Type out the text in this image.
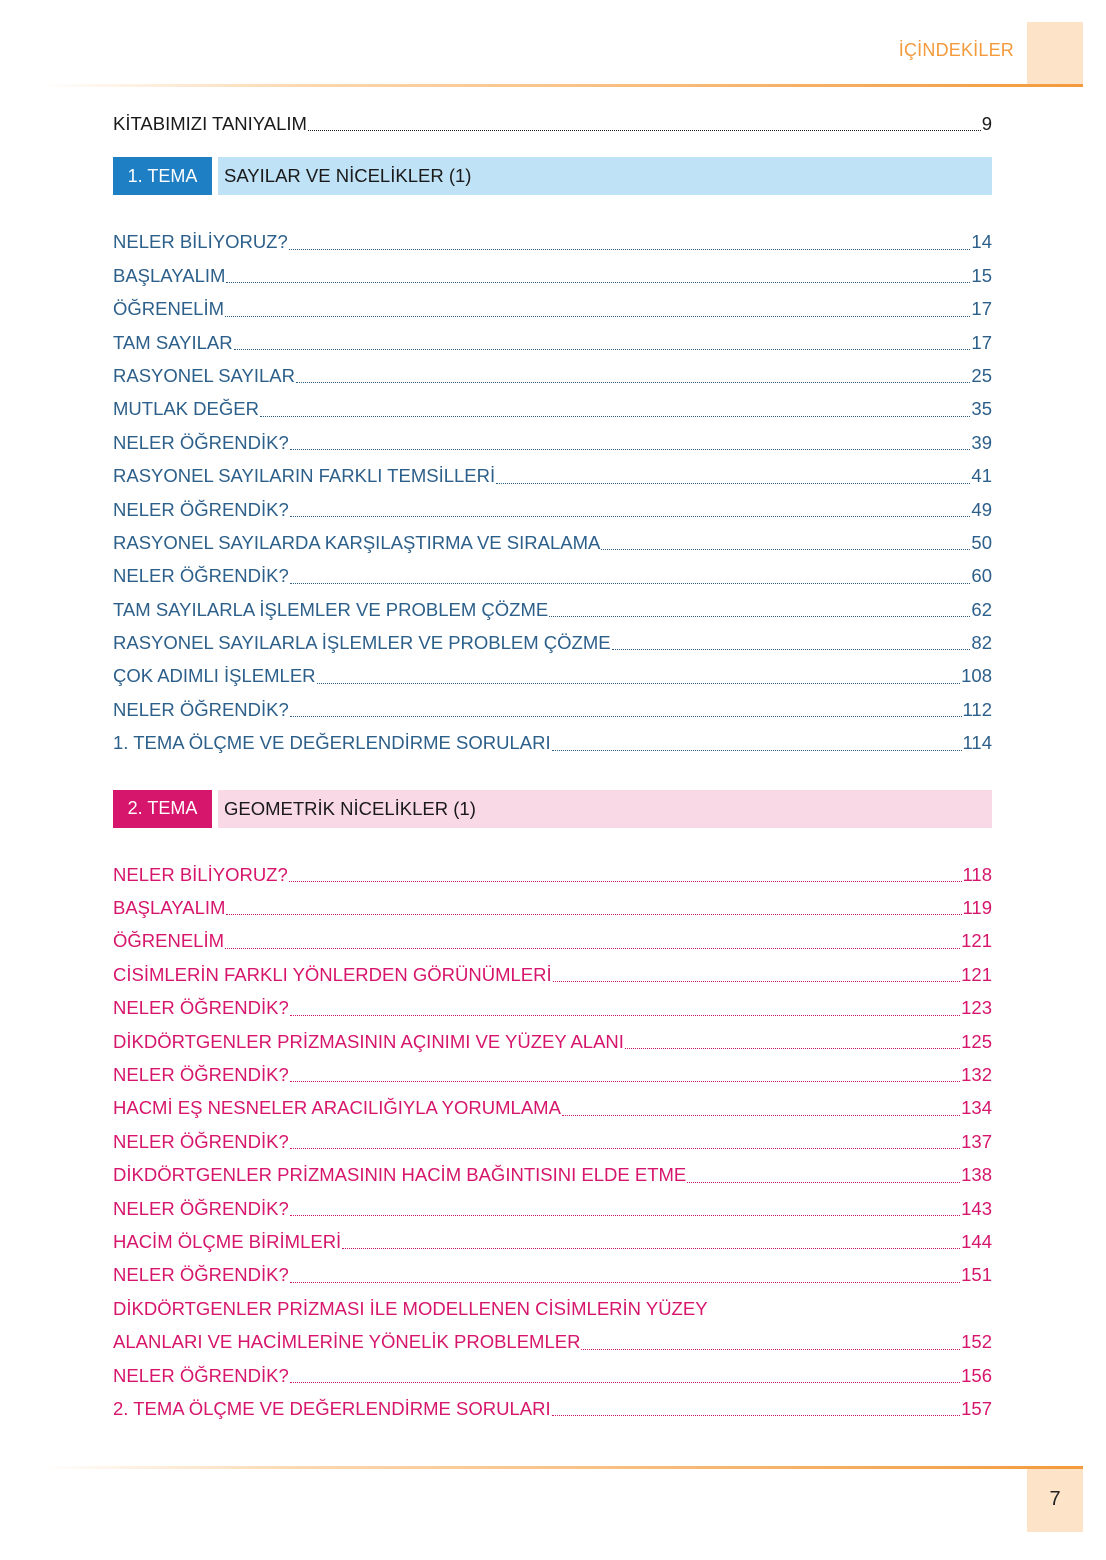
İÇİNDEKİLER
KİTABIMIZI TANIYALIM	9
1. TEMA	SAYILAR VE NİCELİKLER (1)
NELER BİLİYORUZ?	14
BAŞLAYALIM	15
ÖĞRENELİM	17
TAM SAYILAR	17
RASYONEL SAYILAR	25
MUTLAK DEĞER	35
NELER ÖĞRENDİK?	39
RASYONEL SAYILARIN FARKLI TEMSİLLERİ	41
NELER ÖĞRENDİK?	49
RASYONEL SAYILARDA KARŞILAŞTIRMA VE SIRALAMA	50
NELER ÖĞRENDİK?	60
TAM SAYILARLA İŞLEMLER VE PROBLEM ÇÖZME	62
RASYONEL SAYILARLA İŞLEMLER VE PROBLEM ÇÖZME	82
ÇOK ADIMLI İŞLEMLER	108
NELER ÖĞRENDİK?	112
1. TEMA ÖLÇME VE DEĞERLENDİRME SORULARI	114
2. TEMA	GEOMETRİK NİCELİKLER (1)
NELER BİLİYORUZ?	118
BAŞLAYALIM	119
ÖĞRENELİM	121
CİSİMLERİN FARKLI YÖNLERDEN GÖRÜNÜMLERİ	121
NELER ÖĞRENDİK?	123
DİKDÖRTGENLER PRİZMASININ AÇINIMI VE YÜZEY ALANI	125
NELER ÖĞRENDİK?	132
HACMİ EŞ NESNELER ARACILIĞIYLA YORUMLAMA	134
NELER ÖĞRENDİK?	137
DİKDÖRTGENLER PRİZMASININ HACİM BAĞINTISINI ELDE ETME	138
NELER ÖĞRENDİK?	143
HACİM ÖLÇME BİRİMLERİ	144
NELER ÖĞRENDİK?	151
DİKDÖRTGENLER PRİZMASI İLE MODELLENEN CİSİMLERİN YÜZEY
ALANLARI VE HACİMLERİNE YÖNELİK PROBLEMLER	152
NELER ÖĞRENDİK?	156
2. TEMA ÖLÇME VE DEĞERLENDİRME SORULARI	157
7
